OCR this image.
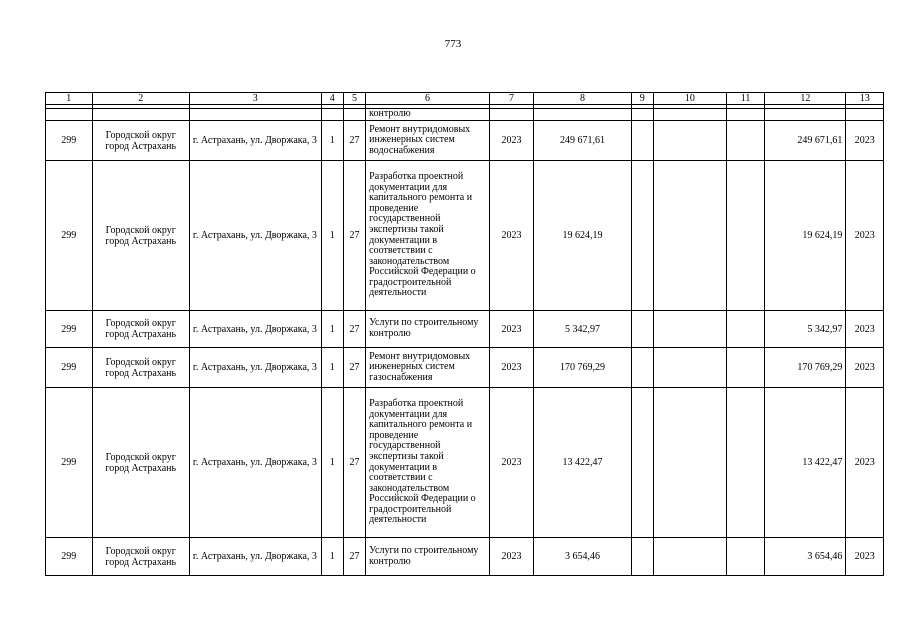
773
1	2	3	4	5	6	7	8	9	10	11	12	13

					контролю							
299	Городской округ город Астрахань	г. Астрахань, ул. Дворжака, 3	1	27	Ремонт внутридомовых инженерных систем водоснабжения	2023	249 671,61				249 671,61	2023
299	Городской округ город Астрахань	г. Астрахань, ул. Дворжака, 3	1	27	Разработка проектной документации для капитального ремонта и проведение государственной экспертизы такой документации в соответствии с законодательством Российской Федерации о градостроительной деятельности	2023	19 624,19				19 624,19	2023
299	Городской округ город Астрахань	г. Астрахань, ул. Дворжака, 3	1	27	Услуги по строительному контролю	2023	5 342,97				5 342,97	2023
299	Городской округ город Астрахань	г. Астрахань, ул. Дворжака, 3	1	27	Ремонт внутридомовых инженерных систем газоснабжения	2023	170 769,29				170 769,29	2023
299	Городской округ город Астрахань	г. Астрахань, ул. Дворжака, 3	1	27	Разработка проектной документации для капитального ремонта и проведение государственной экспертизы такой документации в соответствии с законодательством Российской Федерации о градостроительной деятельности	2023	13 422,47				13 422,47	2023
299	Городской округ город Астрахань	г. Астрахань, ул. Дворжака, 3	1	27	Услуги по строительному контролю	2023	3 654,46				3 654,46	2023
